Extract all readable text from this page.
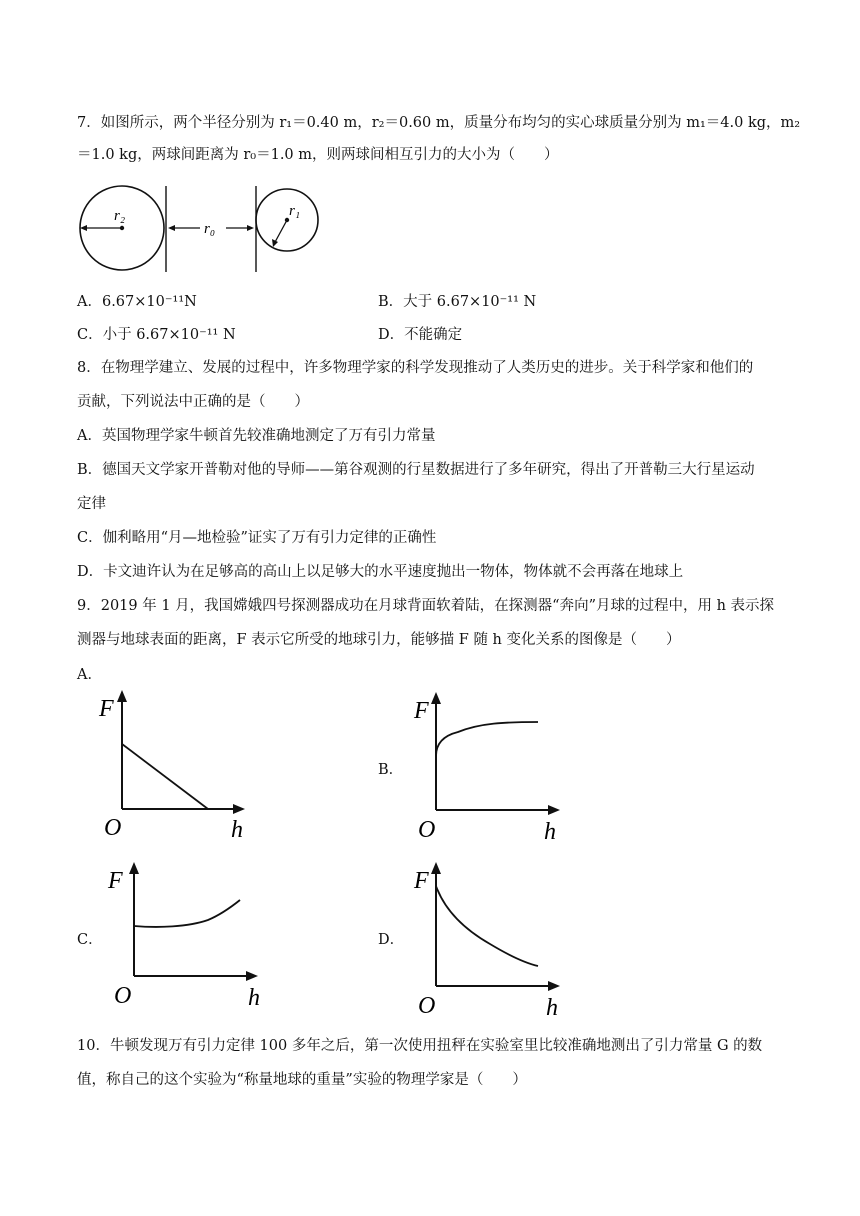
7．如图所示，两个半径分别为 r₁＝0.40 m，r₂＝0.60 m，质量分布均匀的实心球质量分别为 m₁＝4.0 kg，m₂
＝1.0 kg，两球间距离为 r₀＝1.0 m，则两球间相互引力的大小为（　　）
r₂
r₀
r₁
A．6.67×10⁻¹¹N	B．大于 6.67×10⁻¹¹ N
C．小于 6.67×10⁻¹¹ N	D．不能确定
8．在物理学建立、发展的过程中，许多物理学家的科学发现推动了人类历史的进步。关于科学家和他们的
贡献，下列说法中正确的是（　　）
A．英国物理学家牛顿首先较准确地测定了万有引力常量
B．德国天文学家开普勒对他的导师——第谷观测的行星数据进行了多年研究，得出了开普勒三大行星运动
定律
C．伽利略用“月—地检验”证实了万有引力定律的正确性
D．卡文迪许认为在足够高的高山上以足够大的水平速度抛出一物体，物体就不会再落在地球上
9．2019 年 1 月，我国嫦娥四号探测器成功在月球背面软着陆，在探测器“奔向”月球的过程中，用 h 表示探
测器与地球表面的距离，F 表示它所受的地球引力，能够描 F 随 h 变化关系的图像是（　　）
A．
F
O	h
B．
F
O	h
C．
F
O	h
D．
F
O	h
10．牛顿发现万有引力定律 100 多年之后，第一次使用扭秤在实验室里比较准确地测出了引力常量 G 的数
值，称自己的这个实验为“称量地球的重量”实验的物理学家是（　　）
